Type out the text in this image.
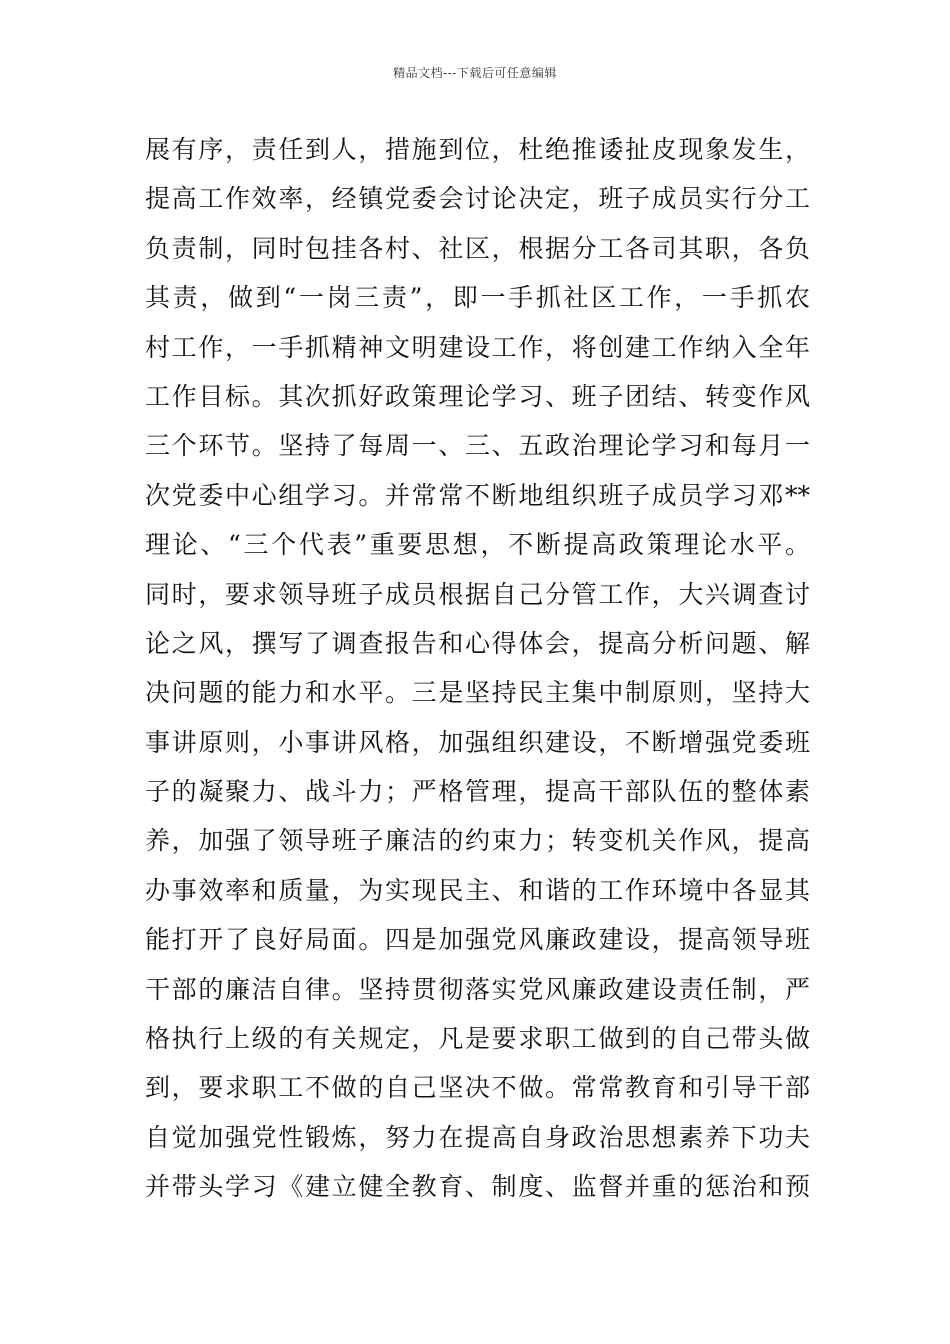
精品文档---下载后可任意编辑
展有序，责任到人，措施到位，杜绝推诿扯皮现象发生，
提高工作效率，经镇党委会讨论决定，班子成员实行分工
负责制，同时包挂各村、社区，根据分工各司其职，各负
其责，做到“一岗三责”，即一手抓社区工作，一手抓农
村工作，一手抓精神文明建设工作，将创建工作纳入全年
工作目标。其次抓好政策理论学习、班子团结、转变作风
三个环节。坚持了每周一、三、五政治理论学习和每月一
次党委中心组学习。并常常不断地组织班子成员学习邓**
理论、“三个代表”重要思想，不断提高政策理论水平。
同时，要求领导班子成员根据自己分管工作，大兴调查讨
论之风，撰写了调查报告和心得体会，提高分析问题、解
决问题的能力和水平。三是坚持民主集中制原则，坚持大
事讲原则，小事讲风格，加强组织建设，不断增强党委班
子的凝聚力、战斗力；严格管理，提高干部队伍的整体素
养，加强了领导班子廉洁的约束力；转变机关作风，提高
办事效率和质量，为实现民主、和谐的工作环境中各显其
能打开了良好局面。四是加强党风廉政建设，提高领导班
干部的廉洁自律。坚持贯彻落实党风廉政建设责任制，严
格执行上级的有关规定，凡是要求职工做到的自己带头做
到，要求职工不做的自己坚决不做。常常教育和引导干部
自觉加强党性锻炼，努力在提高自身政治思想素养下功夫
并带头学习《建立健全教育、制度、监督并重的惩治和预
